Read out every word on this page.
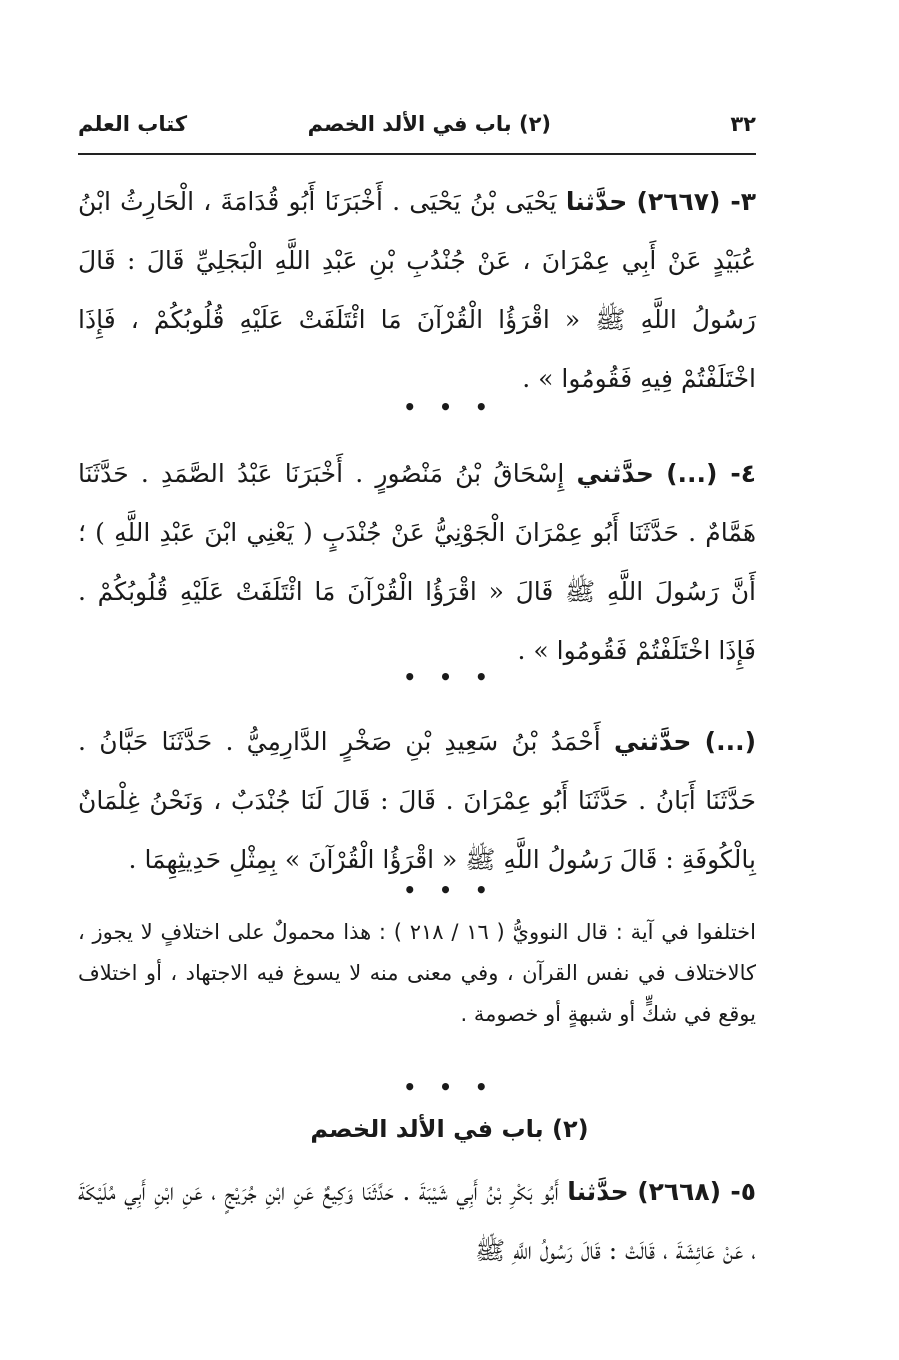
٣٢
(٢) باب في الألد الخصم
كتاب العلم
٣- (٢٦٦٧) حدَّثنا يَحْيَى بْنُ يَحْيَى . أَخْبَرَنَا أَبُو قُدَامَةَ ، الْحَارِثُ ابْنُ عُبَيْدٍ عَنْ أَبِي عِمْرَانَ ، عَنْ جُنْدُبِ بْنِ عَبْدِ اللَّهِ الْبَجَلِيِّ قَالَ : قَالَ رَسُولُ اللَّهِ ﷺ « اقْرَؤُا الْقُرْآنَ مَا ائْتَلَفَتْ عَلَيْهِ قُلُوبُكُمْ ، فَإِذَا اخْتَلَفْتُمْ فِيهِ فَقُومُوا » .
• • •
٤- (...) حدَّثني إِسْحَاقُ بْنُ مَنْصُورٍ . أَخْبَرَنَا عَبْدُ الصَّمَدِ . حَدَّثَنَا هَمَّامٌ . حَدَّثَنَا أَبُو عِمْرَانَ الْجَوْنِيُّ عَنْ جُنْدَبٍ ( يَعْنِي ابْنَ عَبْدِ اللَّهِ ) ؛ أَنَّ رَسُولَ اللَّهِ ﷺ قَالَ « اقْرَؤُا الْقُرْآنَ مَا ائْتَلَفَتْ عَلَيْهِ قُلُوبُكُمْ . فَإِذَا اخْتَلَفْتُمْ فَقُومُوا » .
• • •
(...) حدَّثني أَحْمَدُ بْنُ سَعِيدِ بْنِ صَخْرٍ الدَّارِمِيُّ . حَدَّثَنَا حَبَّانُ . حَدَّثَنَا أَبَانُ . حَدَّثَنَا أَبُو عِمْرَانَ . قَالَ : قَالَ لَنَا جُنْدَبٌ ، وَنَحْنُ غِلْمَانٌ بِالْكُوفَةِ : قَالَ رَسُولُ اللَّهِ ﷺ « اقْرَؤُا الْقُرْآنَ » بِمِثْلِ حَدِيثِهِمَا .
• • •
اختلفوا في آية : قال النوويُّ ( ١٦ / ٢١٨ ) : هذا محمولٌ على اختلافٍ لا يجوز ، كالاختلاف في نفس القرآن ، وفي معنى منه لا يسوغ فيه الاجتهاد ، أو اختلاف يوقع في شكٍّ أو شبهةٍ أو خصومة .
• • •
(٢) باب في الألد الخصم
٥- (٢٦٦٨) حدَّثنا أَبُو بَكْرِ بْنُ أَبِي شَيْبَةَ . حَدَّثَنَا وَكِيعٌ عَنِ ابْنِ جُرَيْجٍ ، عَنِ ابْنِ أَبِي مُلَيْكَةَ ، عَنْ عَائِشَةَ ، قَالَتْ : قَالَ رَسُولُ اللَّهِ ﷺ
